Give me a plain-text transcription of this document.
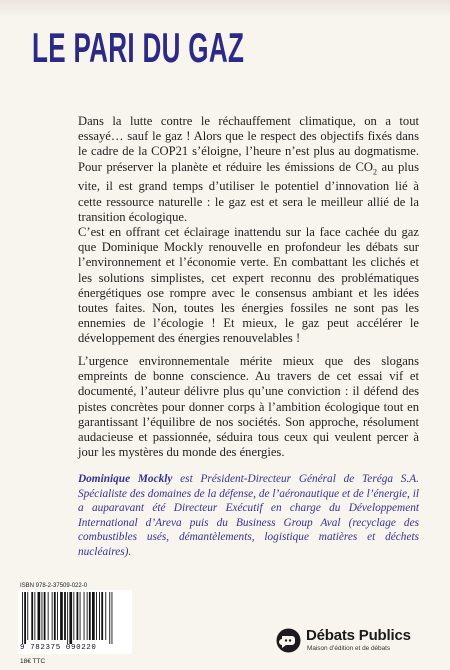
LE PARI DU GAZ

Dans la lutte contre le réchauffement climatique, on a tout essayé… sauf le gaz ! Alors que le respect des objectifs fixés dans le cadre de la COP21 s’éloigne, l’heure n’est plus au dogmatisme. Pour préserver la planète et réduire les émissions de $CO_2$ au plus vite, il est grand temps d’utiliser le potentiel d’innovation lié à cette ressource naturelle : le gaz est et sera le meilleur allié de la transition écologique.

C’est en offrant cet éclairage inattendu sur la face cachée du gaz que Dominique Mockly renouvelle en profondeur les débats sur l’environnement et l’économie verte. En combattant les clichés et les solutions simplistes, cet expert reconnu des problématiques énergétiques ose rompre avec le consensus ambiant et les idées toutes faites. Non, toutes les énergies fossiles ne sont pas les ennemies de l’écologie ! Et mieux, le gaz peut accélérer le développement des énergies renouvelables !

L’urgence environnementale mérite mieux que des slogans empreints de bonne conscience. Au travers de cet essai vif et documenté, l’auteur délivre plus qu’une conviction : il défend des pistes concrètes pour donner corps à l’ambition écologique tout en garantissant l’équilibre de nos sociétés. Son approche, résolument audacieuse et passionnée, séduira tous ceux qui veulent percer à jour les mystères du monde des énergies.

Dominique Mockly est Président-Directeur Général de Teréga S.A. Spécialiste des domaines de la défense, de l’aéronautique et de l’énergie, il a auparavant été Directeur Exécutif en charge du Développement International d’Areva puis du Business Group Aval (recyclage des combustibles usés, démantèlements, logistique matières et déchets nucléaires).

ISBN 978-2-37509-022-0
9 782375 090220
18€ TTC
Débats Publics
Maison d’édition et de débats
